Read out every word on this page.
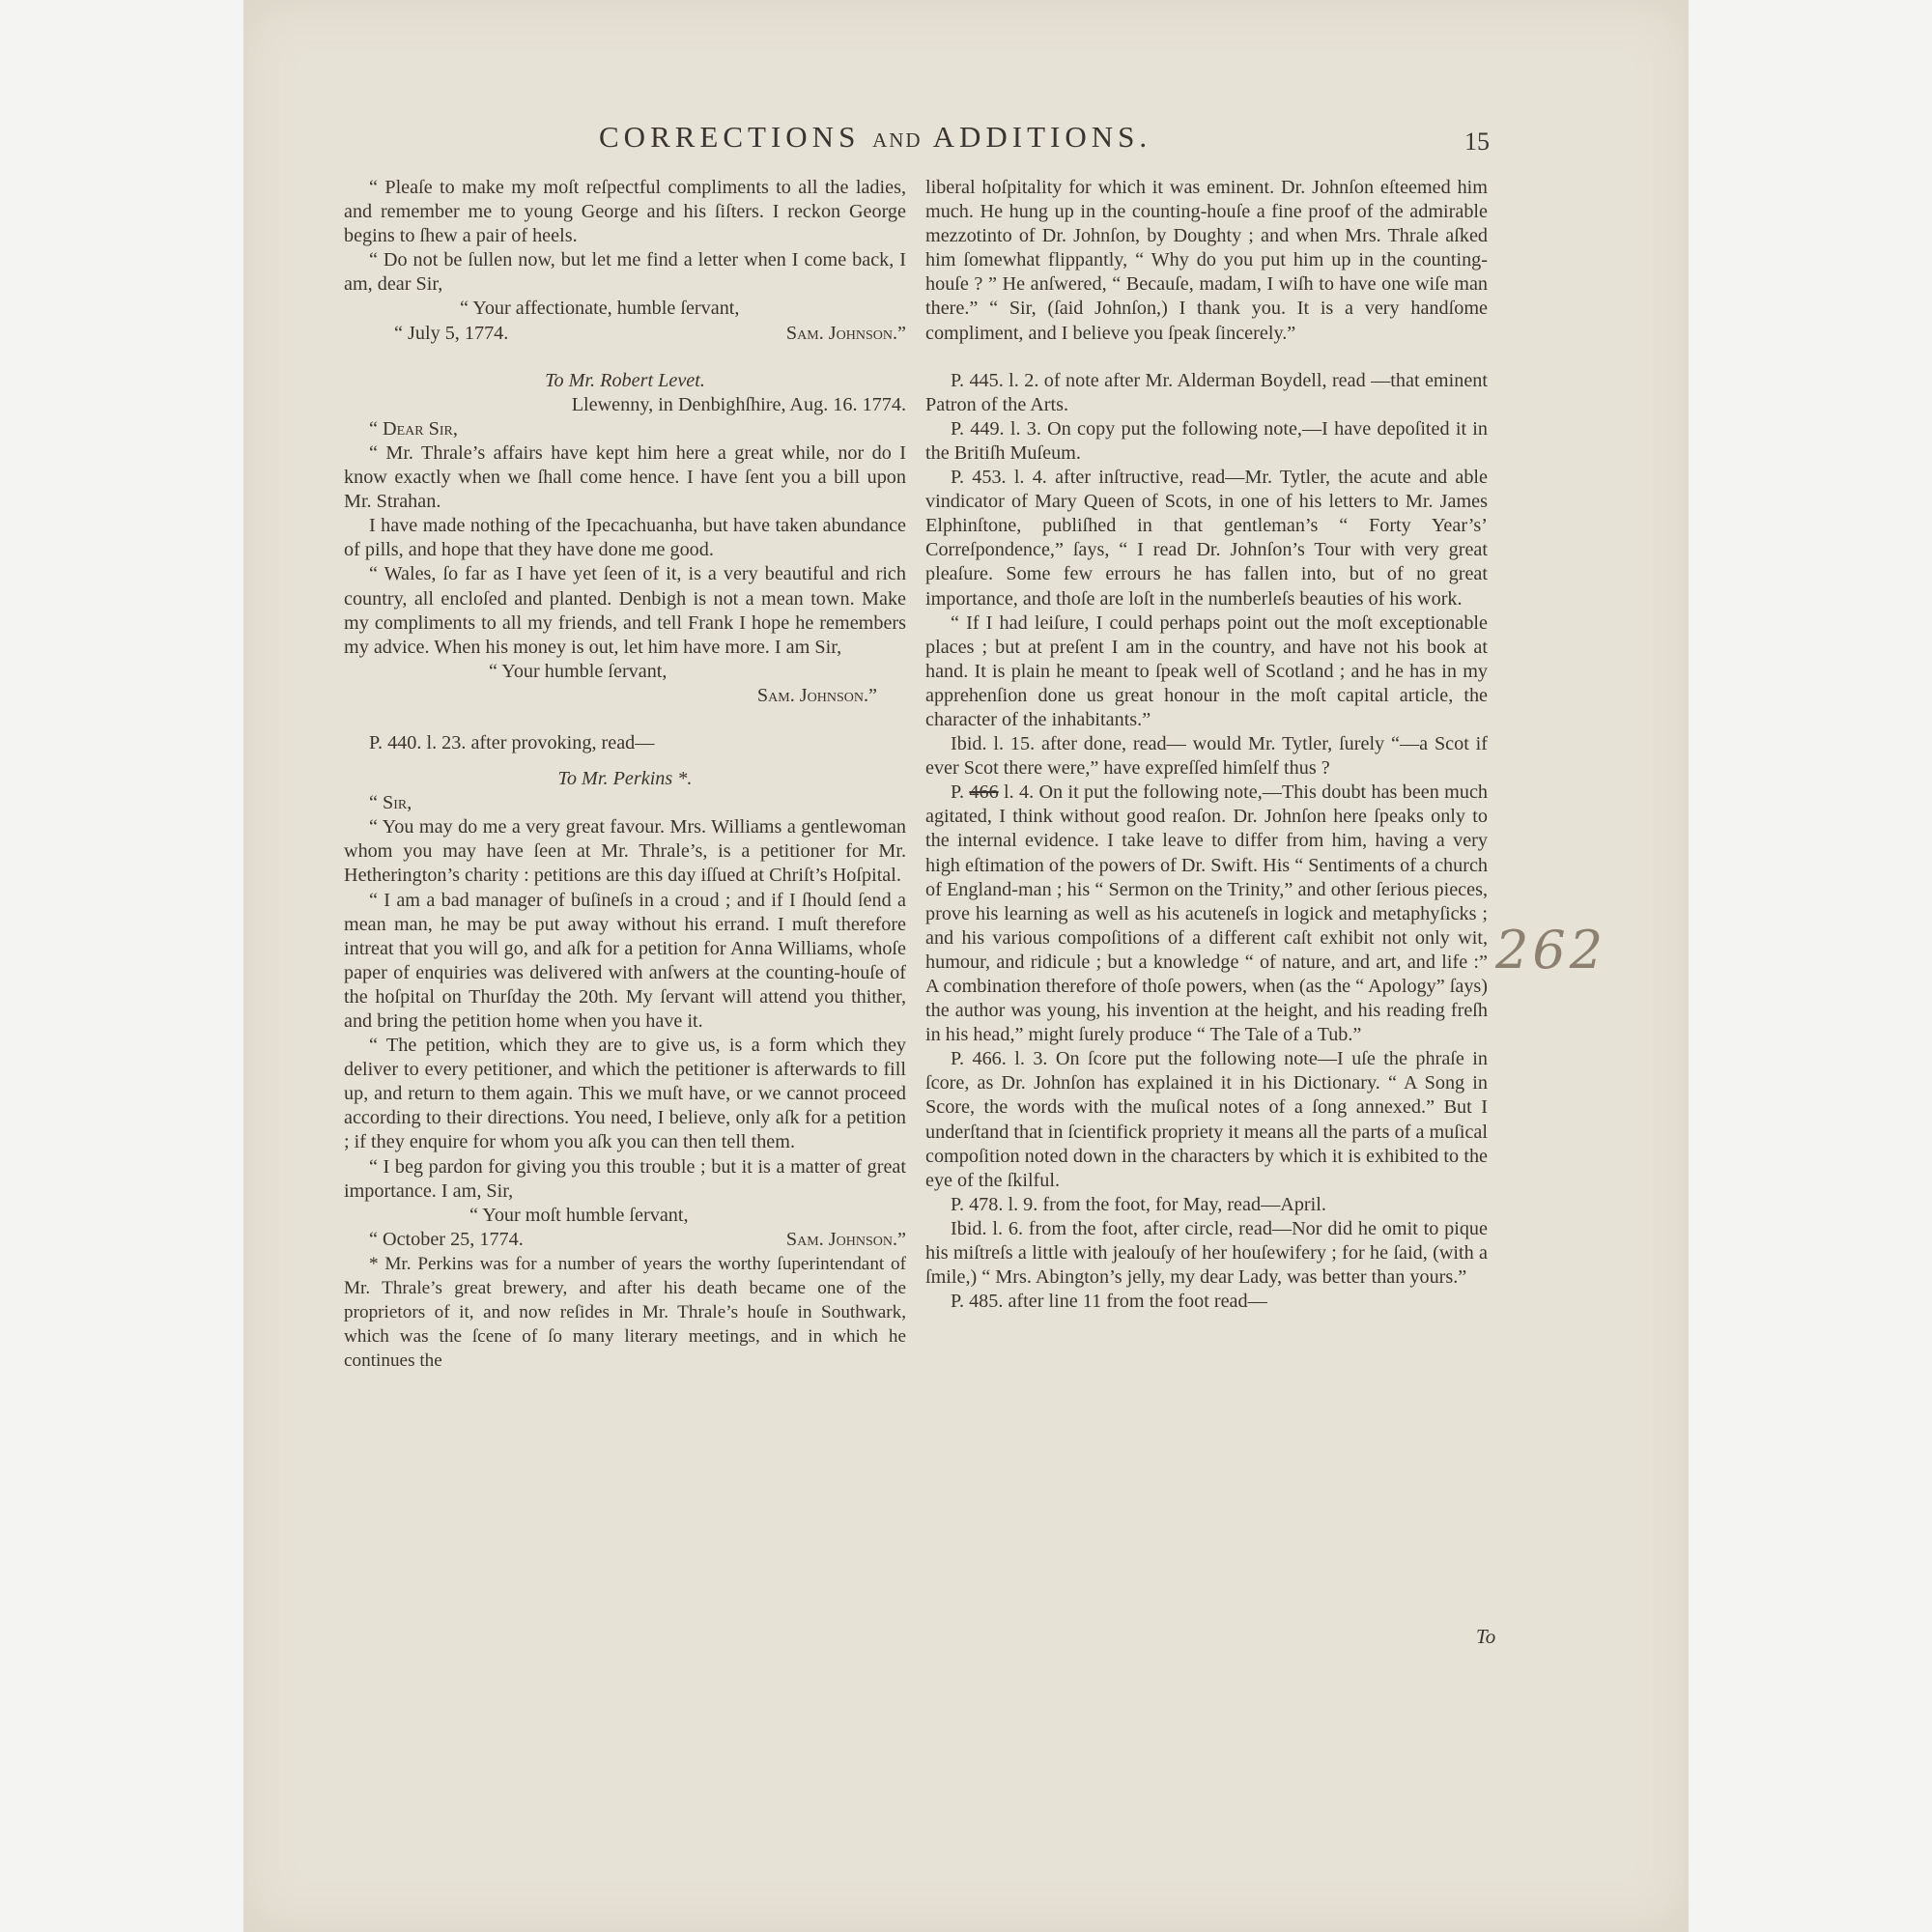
CORRECTIONS AND ADDITIONS.	15

“ Pleaſe to make my moſt reſpectful compliments to all the ladies, and remember me to young George and his ſiſters. I reckon George begins to ſhew a pair of heels.

“ Do not be ſullen now, but let me find a letter when I come back, I am, dear Sir,

“ Your affectionate, humble ſervant,

“ July 5, 1774.	Sam. Johnson.”

To Mr. Robert Levet.

Llewenny, in Denbighſhire, Aug. 16. 1774.

“ Dear Sir,

“ Mr. Thrale’s affairs have kept him here a great while, nor do I know exactly when we ſhall come hence. I have ſent you a bill upon Mr. Strahan.

I have made nothing of the Ipecachuanha, but have taken abundance of pills, and hope that they have done me good.

“ Wales, ſo far as I have yet ſeen of it, is a very beautiful and rich country, all encloſed and planted. Denbigh is not a mean town. Make my compliments to all my friends, and tell Frank I hope he remembers my advice. When his money is out, let him have more. I am Sir,

“ Your humble ſervant,

Sam. Johnson.”

P. 440. l. 23. after provoking, read—

To Mr. Perkins *.

“ Sir,

“ You may do me a very great favour. Mrs. Williams a gentlewoman whom you may have ſeen at Mr. Thrale’s, is a petitioner for Mr. Hetherington’s charity : petitions are this day iſſued at Chriſt’s Hoſpital.

“ I am a bad manager of buſineſs in a croud ; and if I ſhould ſend a mean man, he may be put away without his errand. I muſt therefore intreat that you will go, and aſk for a petition for Anna Williams, whoſe paper of enquiries was delivered with anſwers at the counting-houſe of the hoſpital on Thurſday the 20th. My ſervant will attend you thither, and bring the petition home when you have it.

“ The petition, which they are to give us, is a form which they deliver to every petitioner, and which the petitioner is afterwards to fill up, and return to them again. This we muſt have, or we cannot proceed according to their directions. You need, I believe, only aſk for a petition ; if they enquire for whom you aſk you can then tell them.

“ I beg pardon for giving you this trouble ; but it is a matter of great importance. I am, Sir,

“ Your moſt humble ſervant,

“ October 25, 1774.	Sam. Johnson.”

* Mr. Perkins was for a number of years the worthy ſuperintendant of Mr. Thrale’s great brewery, and after his death became one of the proprietors of it, and now reſides in Mr. Thrale’s houſe in Southwark, which was the ſcene of ſo many literary meetings, and in which he continues the

liberal hoſpitality for which it was eminent. Dr. Johnſon eſteemed him much. He hung up in the counting-houſe a fine proof of the admirable mezzotinto of Dr. Johnſon, by Doughty ; and when Mrs. Thrale aſked him ſomewhat flippantly, “ Why do you put him up in the counting-houſe ? ” He anſwered, “ Becauſe, madam, I wiſh to have one wiſe man there.” “ Sir, (ſaid Johnſon,) I thank you. It is a very handſome compliment, and I believe you ſpeak ſincerely.”

P. 445. l. 2. of note after Mr. Alderman Boydell, read —that eminent Patron of the Arts.

P. 449. l. 3. On copy put the following note,—I have depoſited it in the Britiſh Muſeum.

P. 453. l. 4. after inſtructive, read—Mr. Tytler, the acute and able vindicator of Mary Queen of Scots, in one of his letters to Mr. James Elphinſtone, publiſhed in that gentleman’s “ Forty Year’s’ Correſpondence,” ſays, “ I read Dr. Johnſon’s Tour with very great pleaſure. Some few errours he has fallen into, but of no great importance, and thoſe are loſt in the numberleſs beauties of his work.

“ If I had leiſure, I could perhaps point out the moſt exceptionable places ; but at preſent I am in the country, and have not his book at hand. It is plain he meant to ſpeak well of Scotland ; and he has in my apprehenſion done us great honour in the moſt capital article, the character of the inhabitants.”

Ibid. l. 15. after done, read— would Mr. Tytler, ſurely “—a Scot if ever Scot there were,” have expreſſed himſelf thus ?

P. 466 l. 4. On it put the following note,—This doubt has been much agitated, I think without good reaſon. Dr. Johnſon here ſpeaks only to the internal evidence. I take leave to differ from him, having a very high eſtimation of the powers of Dr. Swift. His “ Sentiments of a church of England-man ; his “ Sermon on the Trinity,” and other ſerious pieces, prove his learning as well as his acuteneſs in logick and metaphyſicks ; and his various compoſitions of a different caſt exhibit not only wit, humour, and ridicule ; but a knowledge “ of nature, and art, and life :” A combination therefore of thoſe powers, when (as the “ Apology” ſays) the author was young, his invention at the height, and his reading freſh in his head,” might ſurely produce “ The Tale of a Tub.”

P. 466. l. 3. On ſcore put the following note—I uſe the phraſe in ſcore, as Dr. Johnſon has explained it in his Dictionary. “ A Song in Score, the words with the muſical notes of a ſong annexed.” But I underſtand that in ſcientifick propriety it means all the parts of a muſical compoſition noted down in the characters by which it is exhibited to the eye of the ſkilful.

P. 478. l. 9. from the foot, for May, read—April.

Ibid. l. 6. from the foot, after circle, read—Nor did he omit to pique his miſtreſs a little with jealouſy of her houſewifery ; for he ſaid, (with a ſmile,) “ Mrs. Abington’s jelly, my dear Lady, was better than yours.”

P. 485. after line 11 from the foot read—

To
262
